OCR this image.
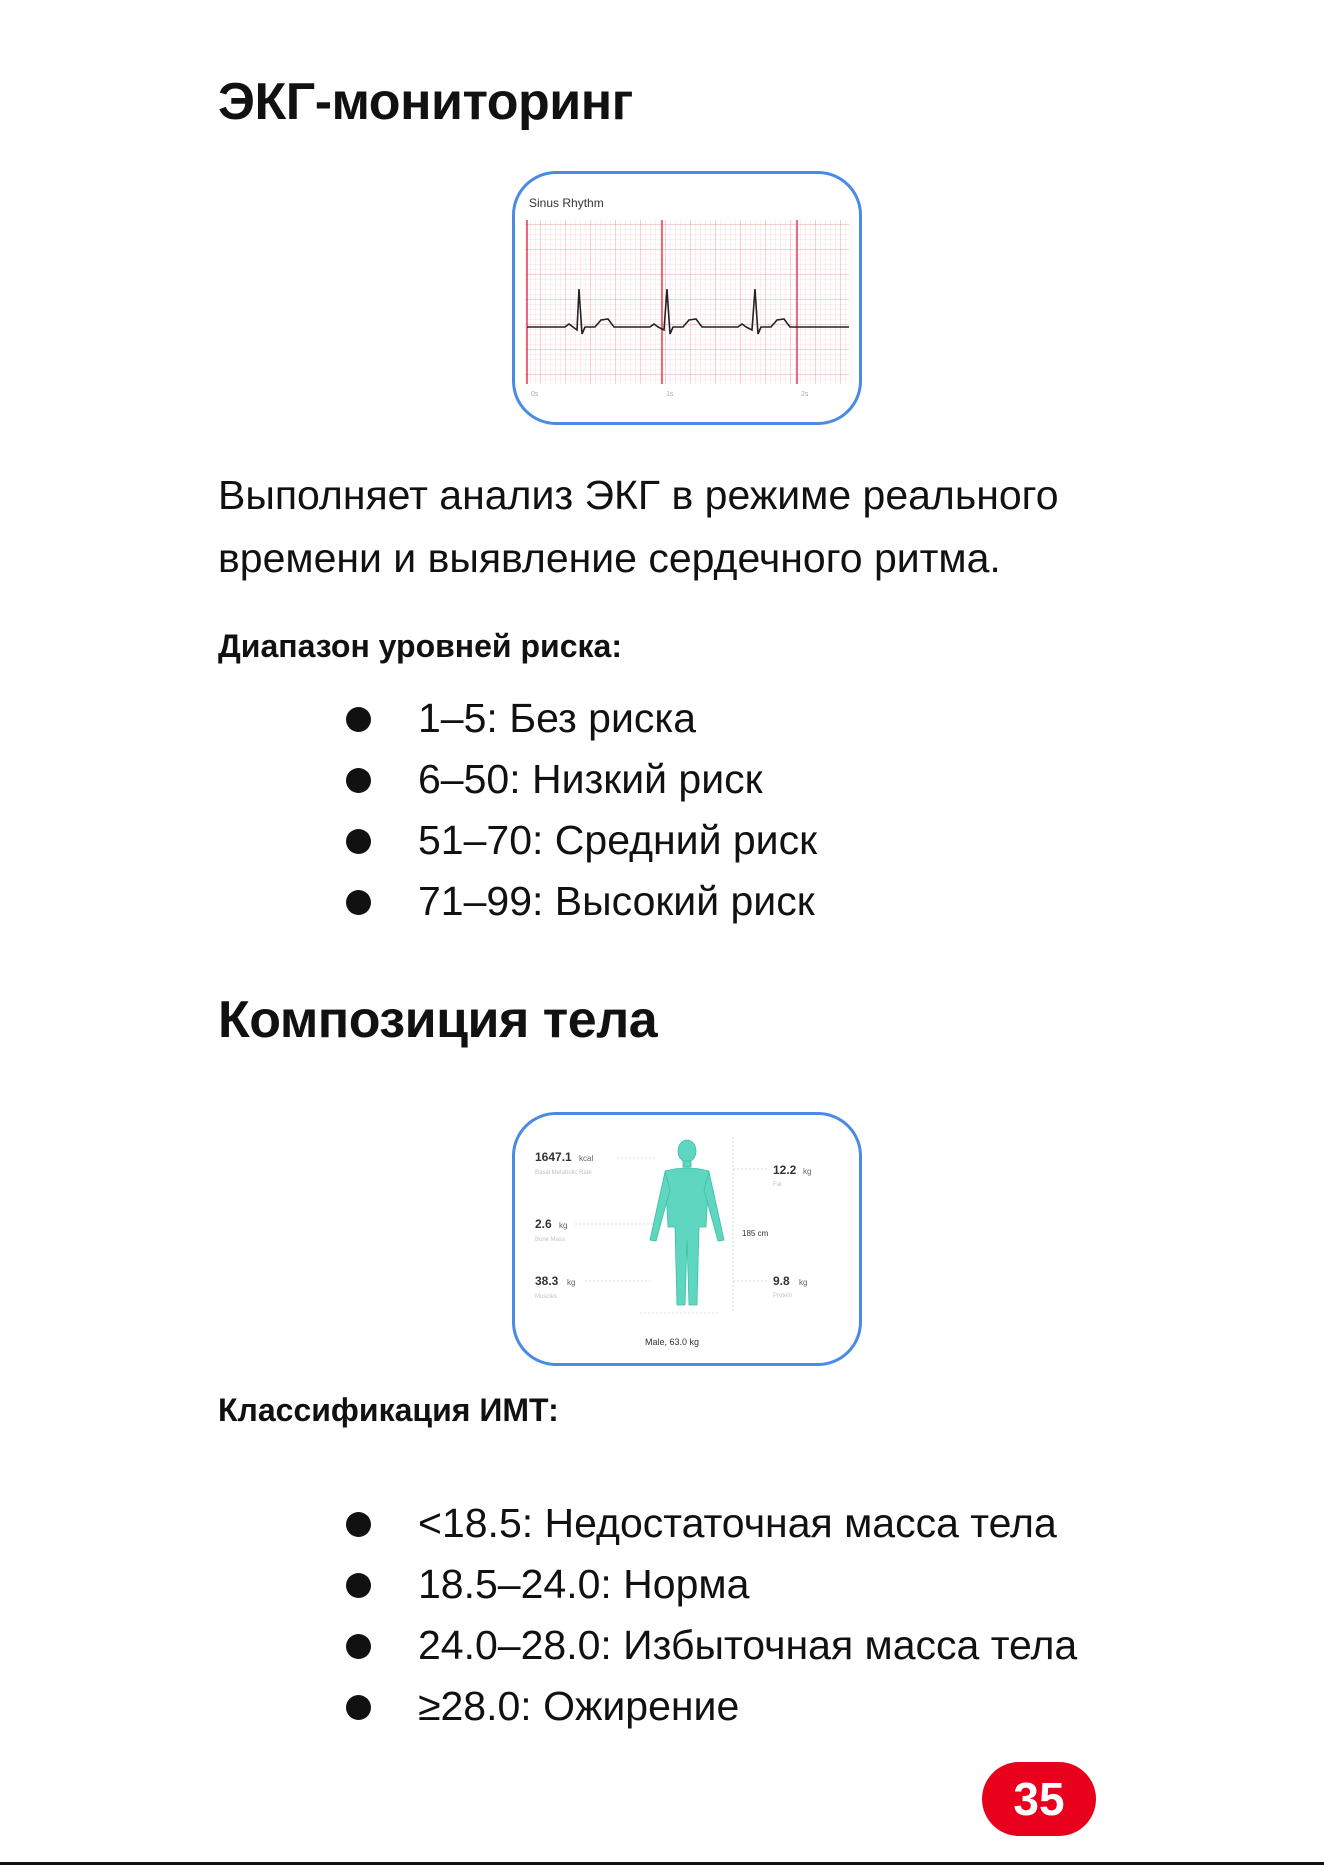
ЭКГ-мониторинг
Sinus Rhythm
0s	1s	2s

Выполняет анализ ЭКГ в режиме реального времени и выявление сердечного ритма.

Диапазон уровней риска:
1–5: Без риска
6–50: Низкий риск
51–70: Средний риск
71–99: Высокий риск
Композиция тела
1647.1 kcal
Basal Metabolic Rate
2.6 kg
Bone Mass
38.3 kg
Muscles
12.2 kg
Fat
185 cm
9.8 kg
Protein
Male, 63.0 kg
Классификация ИМТ:
<18.5: Недостаточная масса тела
18.5–24.0: Норма
24.0–28.0: Избыточная масса тела
≥28.0: Ожирение
35
